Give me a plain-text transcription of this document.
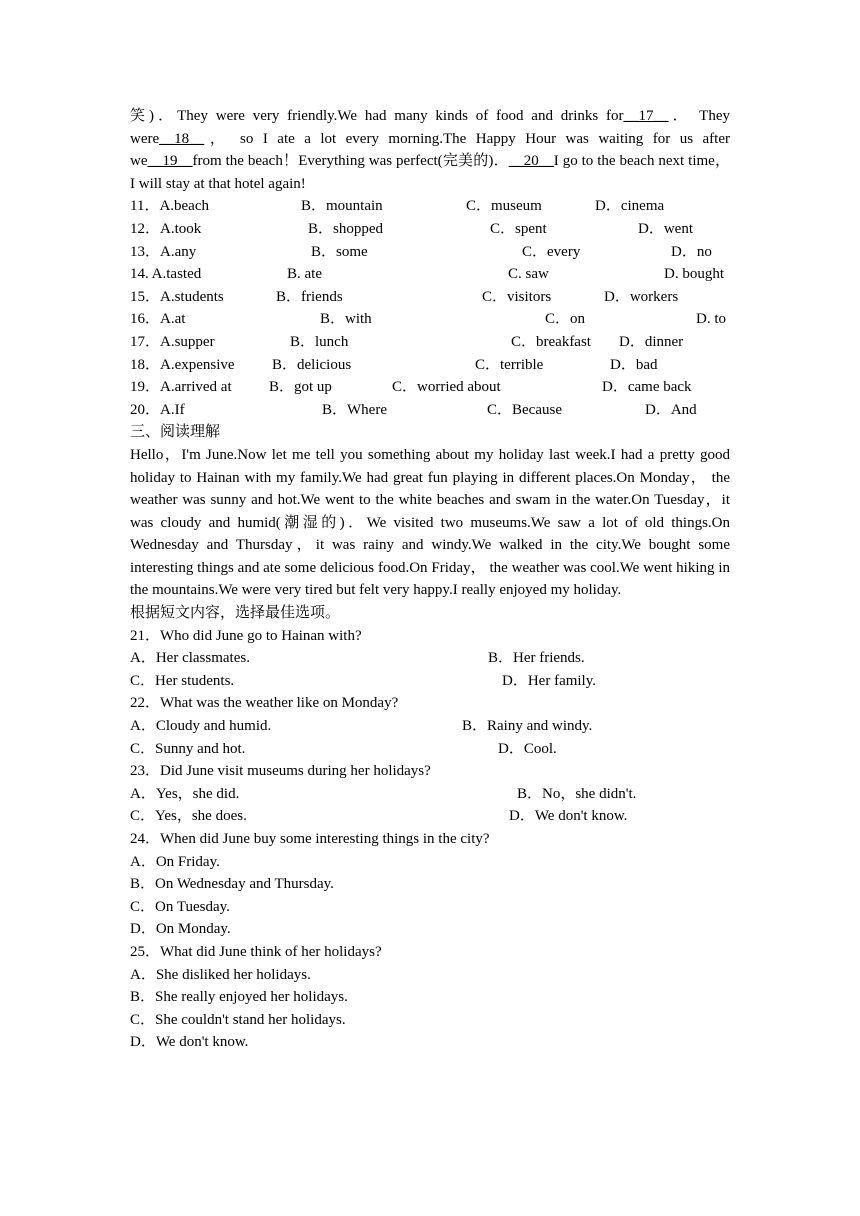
笑)．They were very friendly.We had many kinds of food and drinks for__17__． They were__18__， so I ate a lot every morning.The Happy Hour was waiting for us after we__19__from the beach！Everything was perfect(完美的)．__20__I go to the beach next time，I will stay at that hotel again!

11．A.beach	B．mountain	C．museum	D．cinema
12．A.took	B．shopped	C．spent	D．went
13．A.any	B．some	C．every	D．no
14. A.tasted	B. ate	C. saw	D. bought
15．A.students	B．friends	C．visitors	D．workers
16．A.at	B．with	C．on	D. to
17．A.supper	B．lunch	C．breakfast D．dinner
18．A.expensive B．delicious	C．terrible	D．bad
19．A.arrived at B．got up	C．worried about	D．came back
20．A.If	B．Where	C．Because	D．And
三、阅读理解

Hello，I'm June.Now let me tell you something about my holiday last week.I had a pretty good holiday to Hainan with my family.We had great fun playing in different places.On Monday， the weather was sunny and hot.We went to the white beaches and swam in the water.On Tuesday，it was cloudy and humid(潮湿的)．We visited two museums.We saw a lot of old things.On Wednesday and Thursday，it was rainy and windy.We walked in the city.We bought some interesting things and ate some delicious food.On Friday， the weather was cool.We went hiking in the mountains.We were very tired but felt very happy.I really enjoyed my holiday.

根据短文内容，选择最佳选项。
21．Who did June go to Hainan with?
A．Her classmates.	B．Her friends.
C．Her students.	D．Her family.
22．What was the weather like on Monday?
A．Cloudy and humid.	B．Rainy and windy.
C．Sunny and hot.	D．Cool.
23．Did June visit museums during her holidays?
A．Yes，she did.	B．No，she didn't.
C．Yes，she does.	D．We don't know.
24．When did June buy some interesting things in the city?
A．On Friday.
B．On Wednesday and Thursday.
C．On Tuesday.
D．On Monday.
25．What did June think of her holidays?
A．She disliked her holidays.
B．She really enjoyed her holidays.
C．She couldn't stand her holidays.
D．We don't know.
